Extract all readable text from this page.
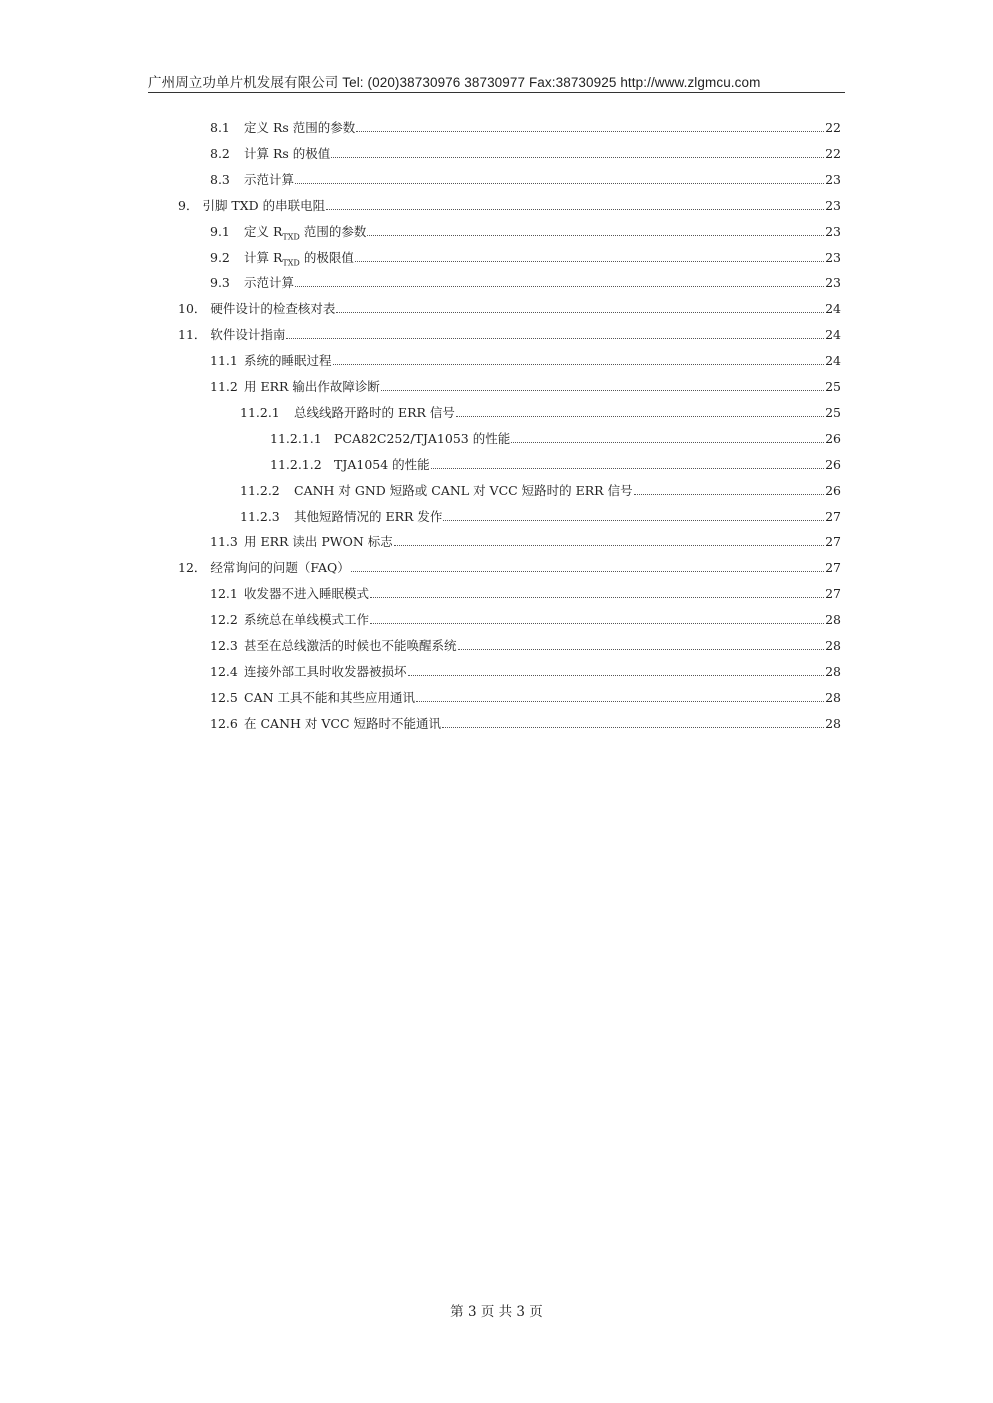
广州周立功单片机发展有限公司 Tel: (020)38730976 38730977 Fax:38730925 http://www.zlgmcu.com
8.1	定义 Rs 范围的参数	22
8.2	计算 Rs 的极值	22
8.3	示范计算	23
9． 引脚 TXD 的串联电阻	23
9.1	定义 $R_{TXD}$ 范围的参数	23
9.2	计算 $R_{TXD}$ 的极限值	23
9.3	示范计算	23
10． 硬件设计的检查核对表	24
11． 软件设计指南	24
11.1 系统的睡眠过程	24
11.2 用 ERR 输出作故障诊断	25
11.2.1	总线线路开路时的 ERR 信号	25
11.2.1.1 PCA82C252/TJA1053 的性能	26
11.2.1.2 TJA1054 的性能	26
11.2.2	CANH 对 GND 短路或 CANL 对 VCC 短路时的 ERR 信号	26
11.2.3	其他短路情况的 ERR 发作	27
11.3 用 ERR 读出 PWON 标志	27
12． 经常询问的问题（FAQ）	27
12.1 收发器不进入睡眠模式	27
12.2 系统总在单线模式工作	28
12.3 甚至在总线激活的时候也不能唤醒系统	28
12.4 连接外部工具时收发器被损坏	28
12.5 CAN 工具不能和其些应用通讯	28
12.6 在 CANH 对 VCC 短路时不能通讯	28
第 3 页 共 3 页
